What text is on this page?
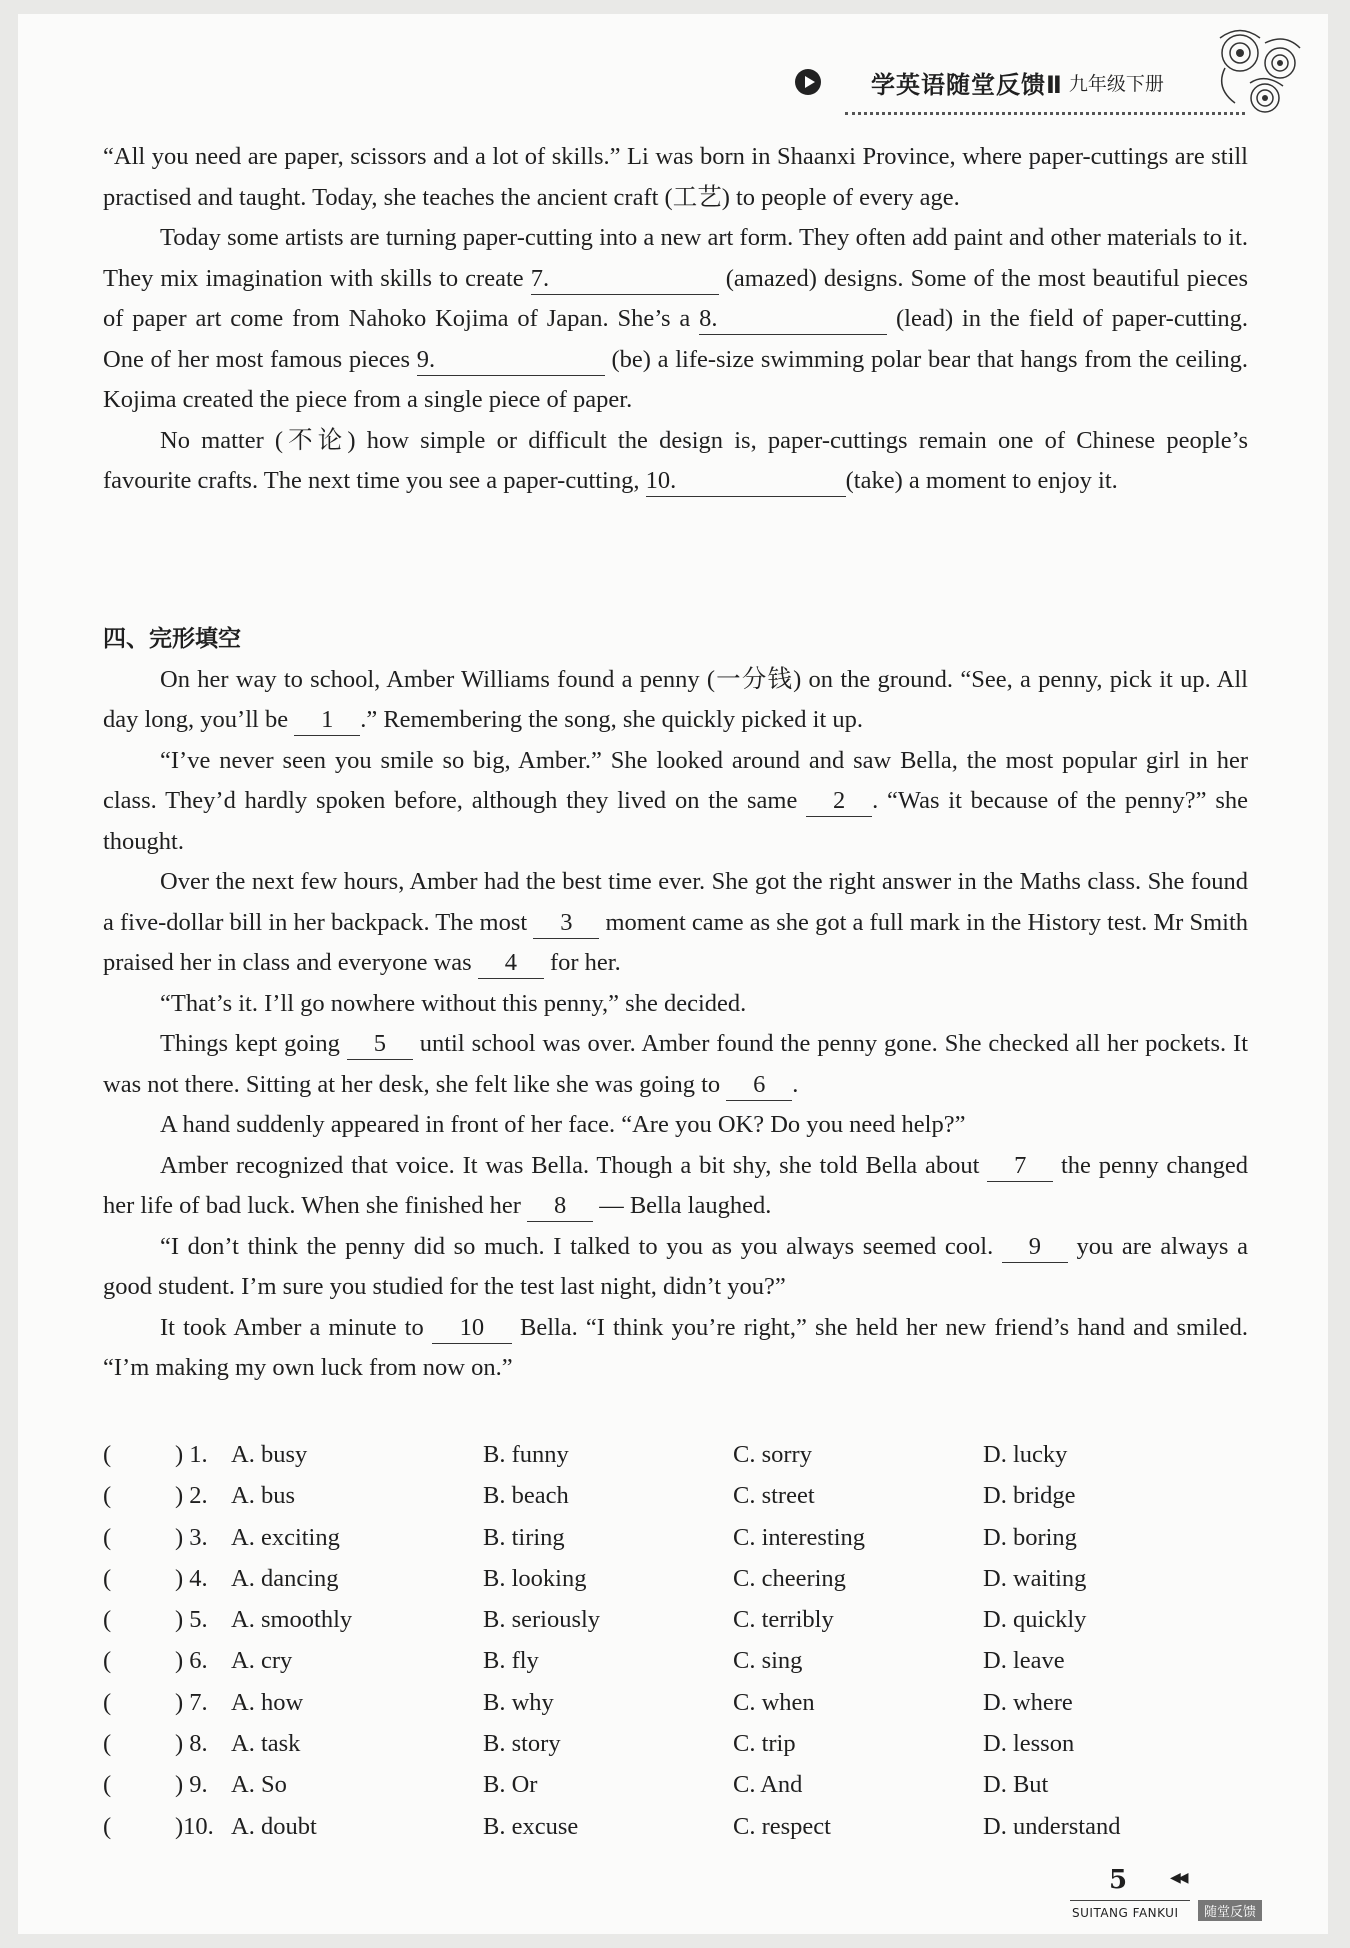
学英语随堂反馈Ⅱ 九年级下册

“All you need are paper, scissors and a lot of skills.” Li was born in Shaanxi Province, where paper-cuttings are still practised and taught. Today, she teaches the ancient craft (工艺) to people of every age.

Today some artists are turning paper-cutting into a new art form. They often add paint and other materials to it. They mix imagination with skills to create 7.	(amazed) designs. Some of the most beautiful pieces of paper art come from Nahoko Kojima of Japan. She’s a 8.	(lead) in the field of paper-cutting. One of her most famous pieces 9.	(be) a life-size swimming polar bear that hangs from the ceiling. Kojima created the piece from a single piece of paper.

No matter (不论) how simple or difficult the design is, paper-cuttings remain one of Chinese people’s favourite crafts. The next time you see a paper-cutting, 10.	(take) a moment to enjoy it.

四、完形填空

On her way to school, Amber Williams found a penny (一分钱) on the ground. “See, a penny, pick it up. All day long, you’ll be 1 .” Remembering the song, she quickly picked it up.

“I’ve never seen you smile so big, Amber.” She looked around and saw Bella, the most popular girl in her class. They’d hardly spoken before, although they lived on the same 2 . “Was it because of the penny?” she thought.

Over the next few hours, Amber had the best time ever. She got the right answer in the Maths class. She found a five-dollar bill in her backpack. The most 3 moment came as she got a full mark in the History test. Mr Smith praised her in class and everyone was 4 for her.

“That’s it. I’ll go nowhere without this penny,” she decided.

Things kept going 5 until school was over. Amber found the penny gone. She checked all her pockets. It was not there. Sitting at her desk, she felt like she was going to 6 .

A hand suddenly appeared in front of her face. “Are you OK? Do you need help?”

Amber recognized that voice. It was Bella. Though a bit shy, she told Bella about 7 the penny changed her life of bad luck. When she finished her 8 — Bella laughed.

“I don’t think the penny did so much. I talked to you as you always seemed cool. 9 you are always a good student. I’m sure you studied for the test last night, didn’t you?”

It took Amber a minute to 10 Bella. “I think you’re right,” she held her new friend’s hand and smiled. “I’m making my own luck from now on.”

(	) 1. A. busy	B. funny	C. sorry	D. lucky
(	) 2. A. bus	B. beach	C. street	D. bridge
(	) 3. A. exciting	B. tiring	C. interesting	D. boring
(	) 4. A. dancing	B. looking	C. cheering	D. waiting
(	) 5. A. smoothly	B. seriously	C. terribly	D. quickly
(	) 6. A. cry	B. fly	C. sing	D. leave
(	) 7. A. how	B. why	C. when	D. where
(	) 8. A. task	B. story	C. trip	D. lesson
(	) 9. A. So	B. Or	C. And	D. But
(	)10. A. doubt	B. excuse	C. respect	D. understand
5	◀◀
SUITANG FANKUI	随堂反馈
